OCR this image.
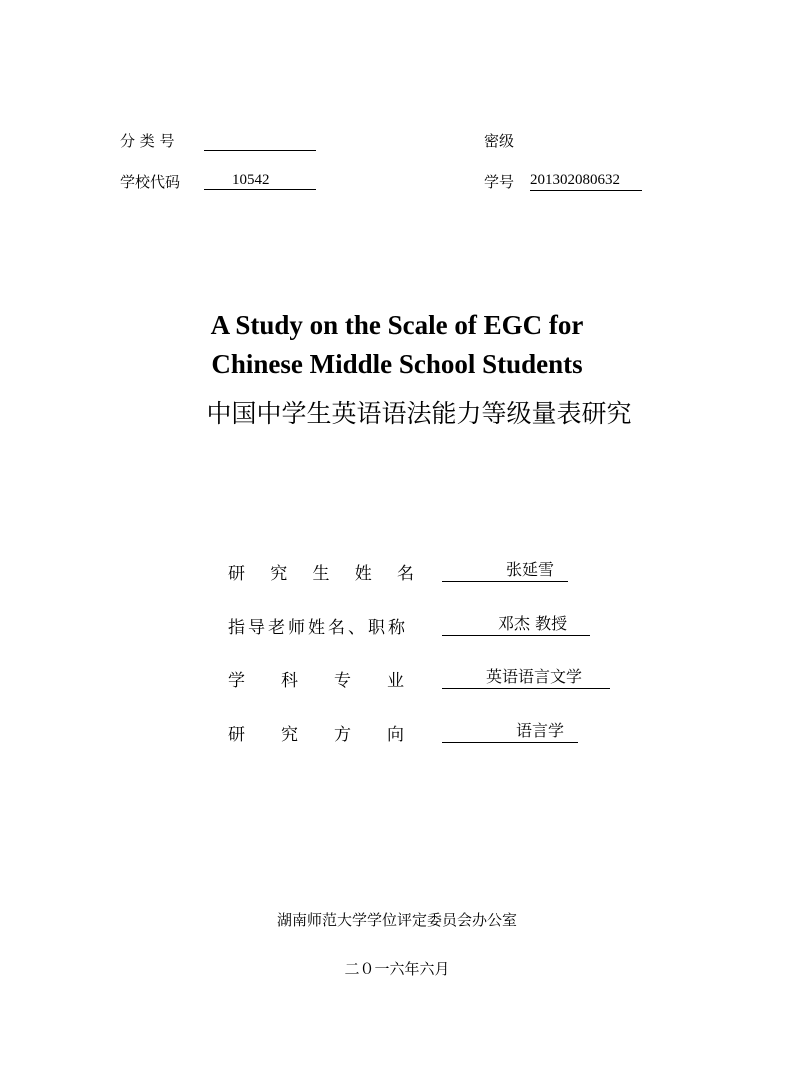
分 类 号	密级
学校代码	10542	学号 201302080632
A Study on the Scale of EGC for
Chinese Middle School Students
中国中学生英语语法能力等级量表研究
研 究 生 姓 名	张延雪
指导老师姓名、职称	邓杰 教授
学 科 专 业	英语语言文学
研 究 方 向	语言学
湖南师范大学学位评定委员会办公室
二０一六年六月
